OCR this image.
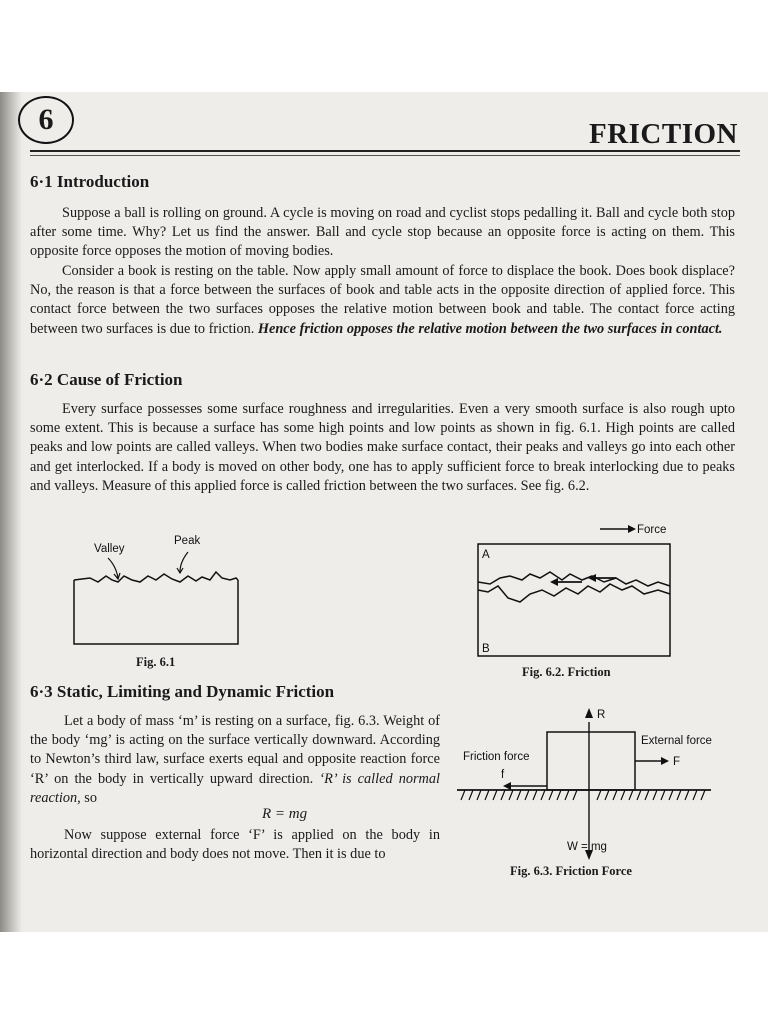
6	FRICTION
6·1 Introduction

Suppose a ball is rolling on ground. A cycle is moving on road and cyclist stops pedalling it. Ball and cycle both stop after some time. Why? Let us find the answer. Ball and cycle stop because an opposite force is acting on them. This opposite force opposes the motion of moving bodies.

Consider a book is resting on the table. Now apply small amount of force to displace the book. Does book displace? No, the reason is that a force between the surfaces of book and table acts in the opposite direction of applied force. This contact force between the two surfaces opposes the relative motion between book and table. The contact force acting between two surfaces is due to friction. Hence friction opposes the relative motion between the two surfaces in contact.

6·2 Cause of Friction

Every surface possesses some surface roughness and irregularities. Even a very smooth surface is also rough upto some extent. This is because a surface has some high points and low points as shown in fig. 6.1. High points are called peaks and low points are called valleys. When two bodies make surface contact, their peaks and valleys go into each other and get interlocked. If a body is moved on other body, one has to apply sufficient force to break interlocking due to peaks and valleys. Measure of this applied force is called friction between the two surfaces. See fig. 6.2.

Valley
Peak
Fig. 6.1
Force
A
B
Fig. 6.2. Friction
6·3 Static, Limiting and Dynamic Friction

Let a body of mass ‘m’ is resting on a surface, fig. 6.3. Weight of the body ‘mg’ is acting on the surface vertically downward. According to Newton’s third law, surface exerts equal and opposite reaction force ‘R’ on the body in vertically upward direction. ‘R’ is called normal reaction, so

R = mg

Now suppose external force ‘F’ is applied on the body in horizontal direction and body does not move. Then it is due to

R
External force
F
Friction force
f
W = mg
Fig. 6.3. Friction Force
